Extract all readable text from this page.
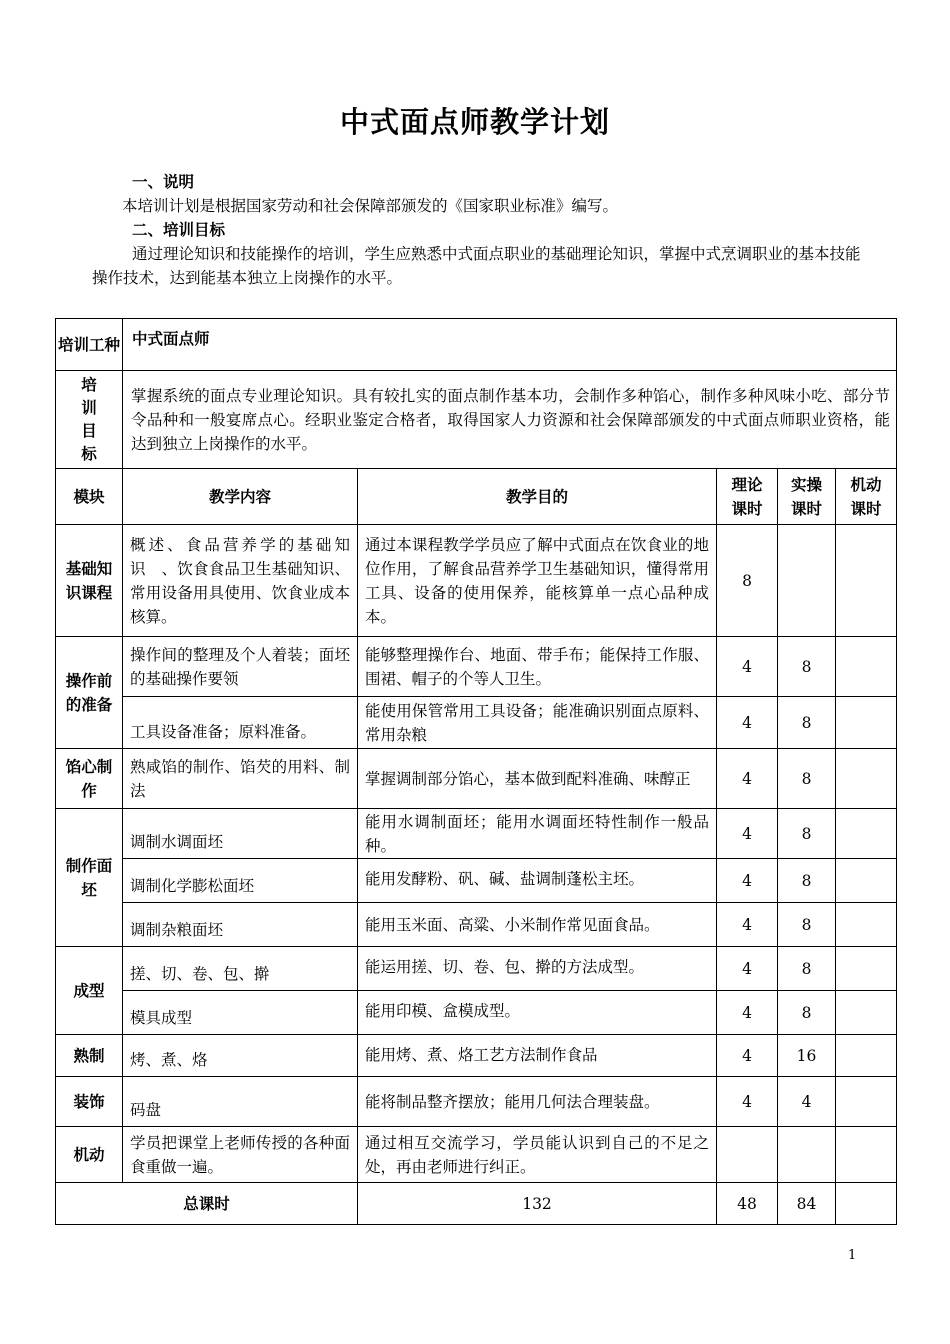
中式面点师教学计划
一、说明
本培训计划是根据国家劳动和社会保障部颁发的《国家职业标准》编写。
二、培训目标
通过理论知识和技能操作的培训，学生应熟悉中式面点职业的基础理论知识，掌握中式烹调职业的基本技能操作技术，达到能基本独立上岗操作的水平。
培训工种	中式面点师				

培
训
目
标	掌握系统的面点专业理论知识。具有较扎实的面点制作基本功，会制作多种馅心，制作多种风味小吃、部分节令品种和一般宴席点心。经职业鉴定合格者，取得国家人力资源和社会保障部颁发的中式面点师职业资格，能达到独立上岗操作的水平。				
模块	教学内容	教学目的	理论课时	实操课时	机动课时
基础知识课程	概述、食品营养学的基础知识　、饮食食品卫生基础知识、常用设备用具使用、饮食业成本核算。	通过本课程教学学员应了解中式面点在饮食业的地位作用，了解食品营养学卫生基础知识，懂得常用工具、设备的使用保养，能核算单一点心品种成本。	8		
操作前的准备	操作间的整理及个人着装；面坯的基础操作要领	能够整理操作台、地面、带手布；能保持工作服、围裙、帽子的个等人卫生。	4	8	
	工具设备准备；原料准备。	能使用保管常用工具设备；能准确识别面点原料、常用杂粮	4	8	
馅心制作	熟咸馅的制作、馅芡的用料、制法	掌握调制部分馅心，基本做到配料准确、味醇正	4	8	
制作面坯	调制水调面坯	能用水调制面坯；能用水调面坯特性制作一般品种。	4	8	
	调制化学膨松面坯	能用发酵粉、矾、碱、盐调制蓬松主坯。	4	8	
	调制杂粮面坯	能用玉米面、高粱、小米制作常见面食品。	4	8	
成型	搓、切、卷、包、擀	能运用搓、切、卷、包、擀的方法成型。	4	8	
	模具成型	能用印模、盒模成型。	4	8	
熟制	烤、煮、烙	能用烤、煮、烙工艺方法制作食品	4	16	
装饰	码盘	能将制品整齐摆放；能用几何法合理装盘。	4	4	
机动	学员把课堂上老师传授的各种面食重做一遍。	通过相互交流学习，学员能认识到自己的不足之处，再由老师进行纠正。			
总课时		132	48	84	
1
